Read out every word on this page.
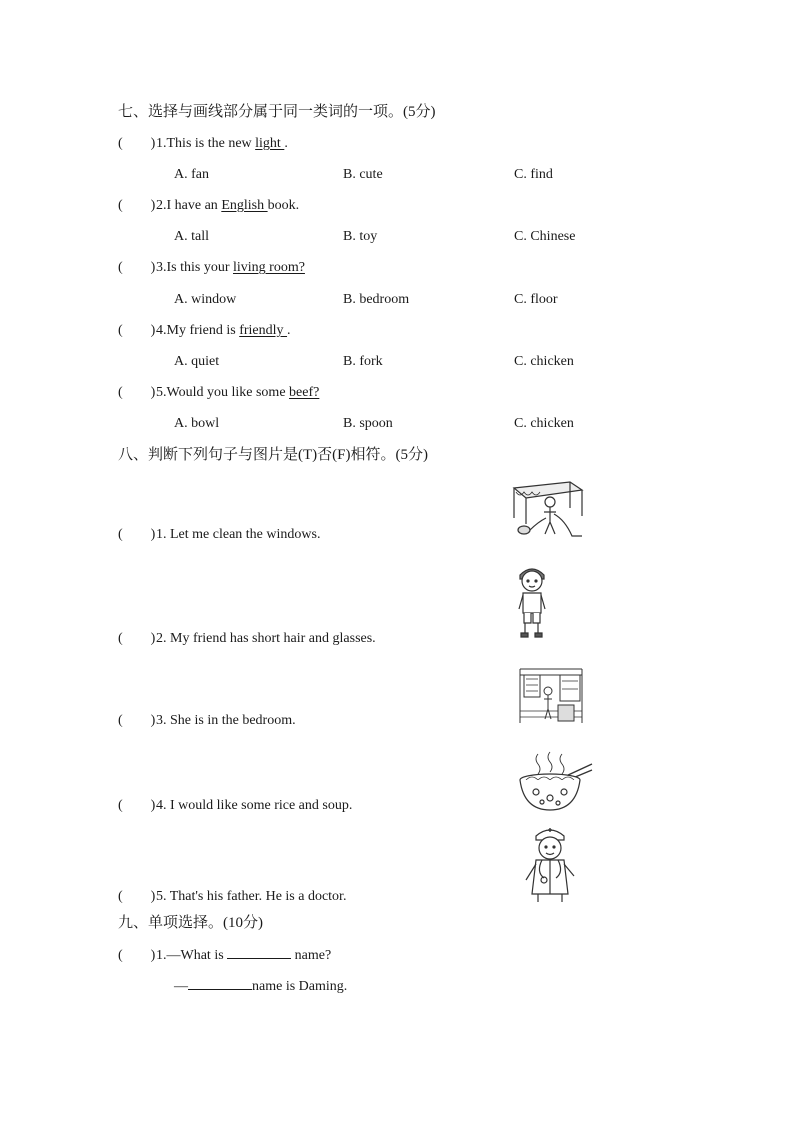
七、选择与画线部分属于同一类词的一项。(5分)
(　　)1.This is the new light .
A. fan	B. cute	C. find
(　　)2.I have an English book.
A. tall	B. toy	C. Chinese
(　　)3.Is this your living room?
A. window	B. bedroom	C. floor
(　　)4.My friend is friendly .
A. quiet	B. fork	C. chicken
(　　)5.Would you like some beef?
A. bowl	B. spoon	C. chicken
八、判断下列句子与图片是(T)否(F)相符。(5分)
(　　)1. Let me clean the windows.
(　　)2. My friend has short hair and glasses.
(　　)3. She is in the bedroom.
(　　)4. I would like some rice and soup.
(　　)5. That's his father. He is a doctor.
九、单项选择。(10分)
(　　)1.—What is	name?
—	name is Daming.
